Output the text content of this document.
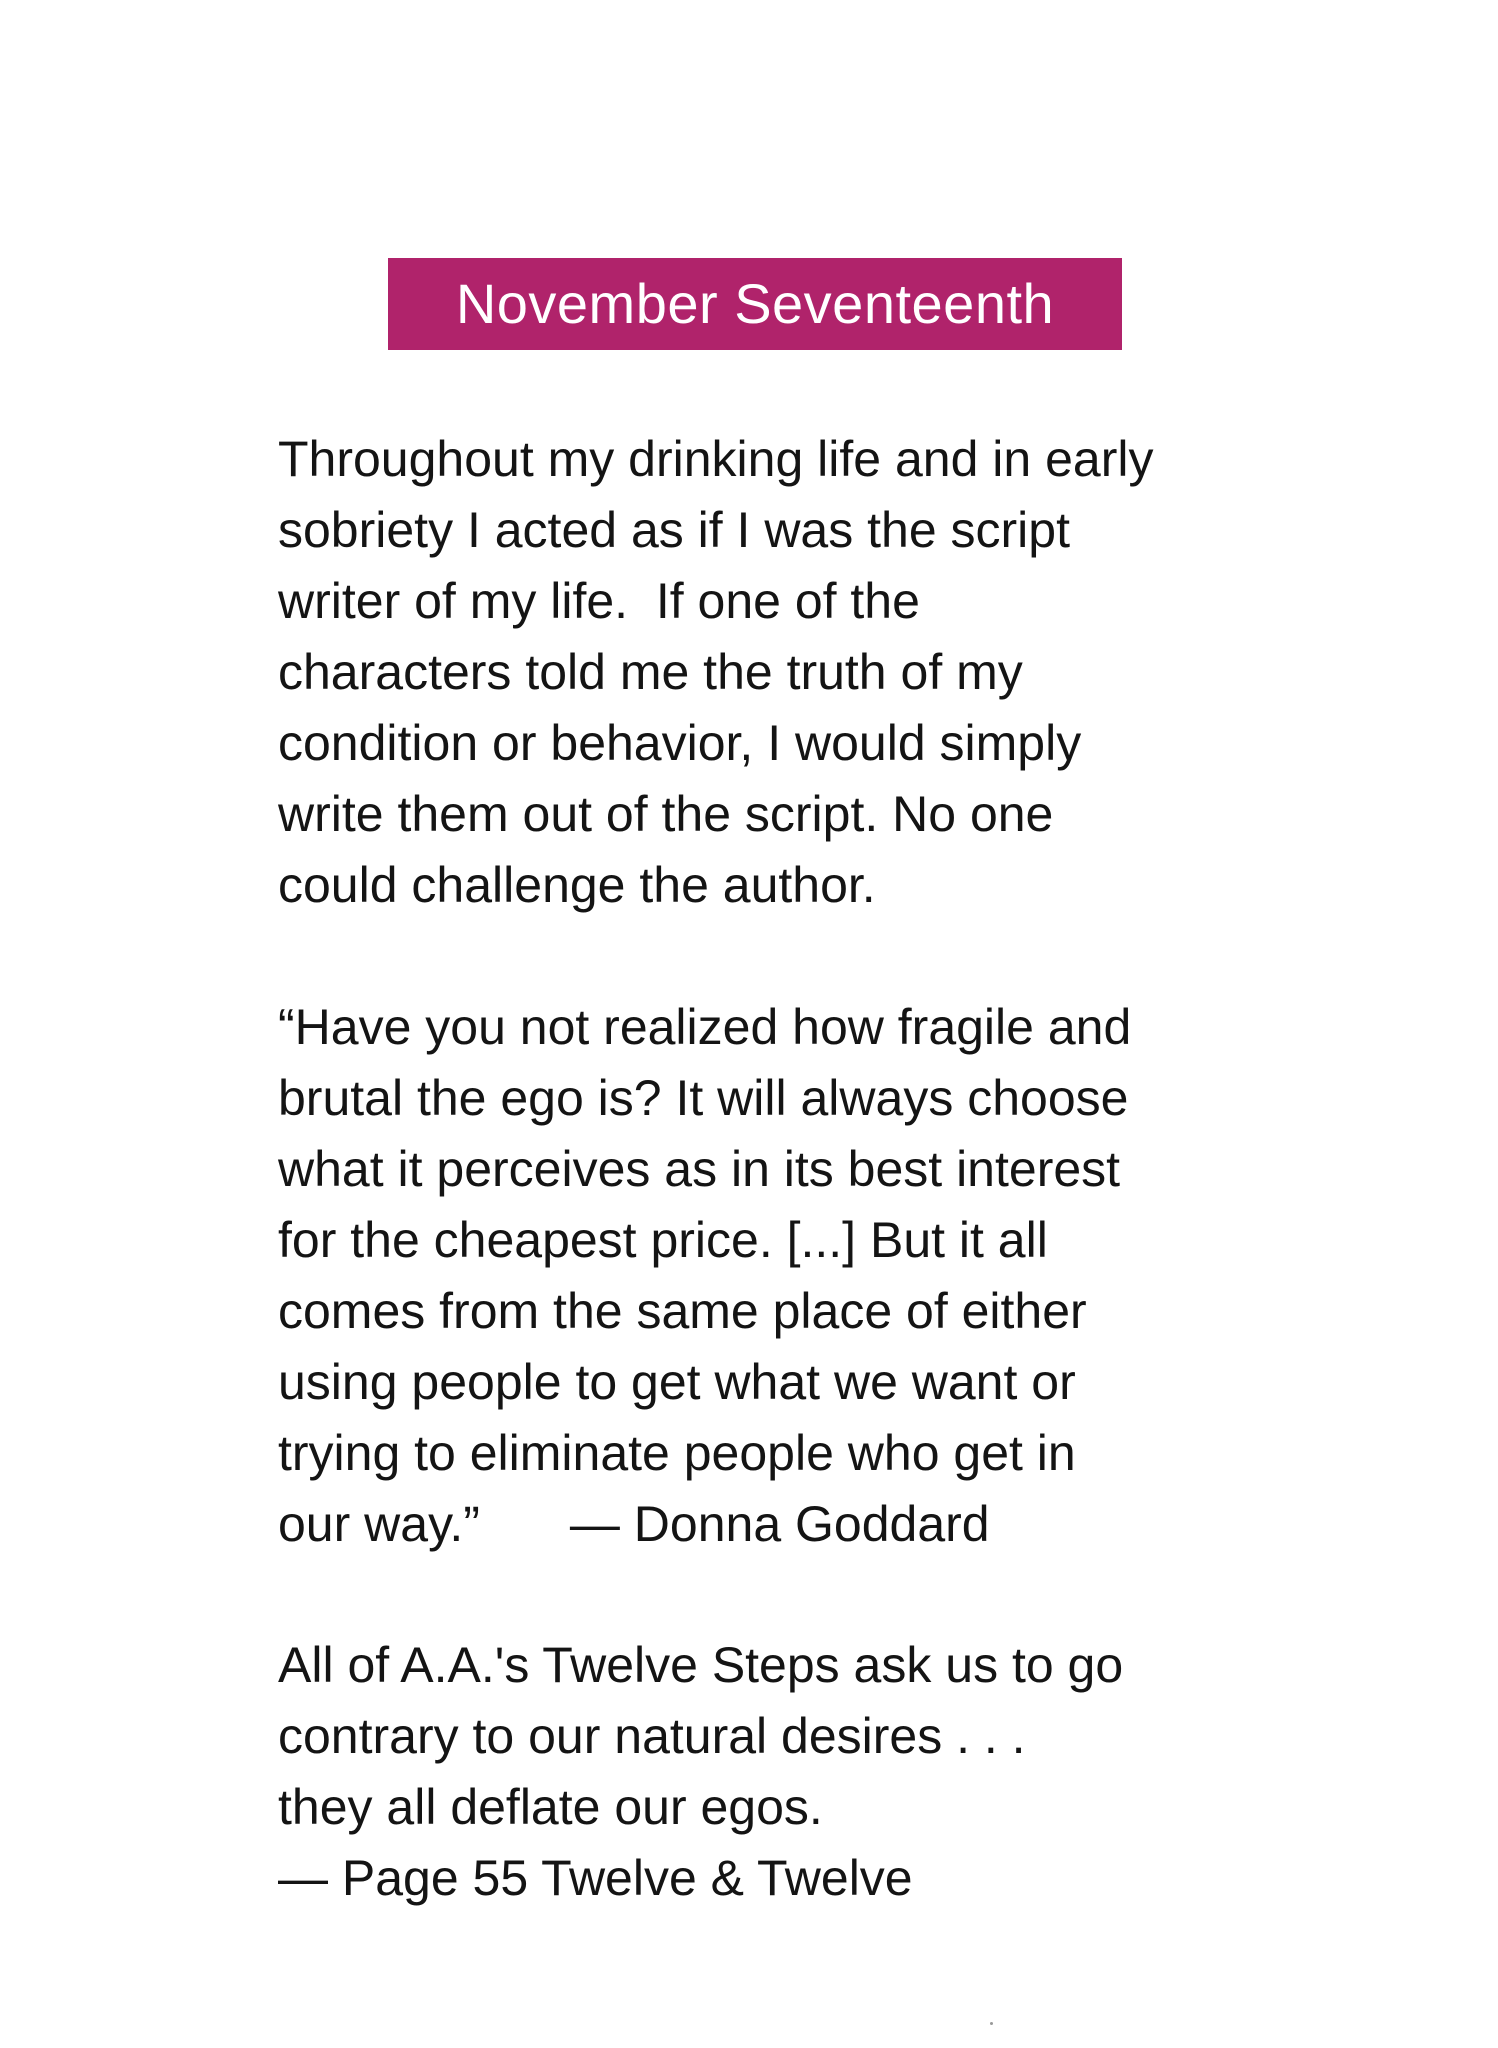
November Seventeenth
Throughout my drinking life and in early
sobriety I acted as if I was the script
writer of my life.  If one of the
characters told me the truth of my
condition or behavior, I would simply
write them out of the script. No one
could challenge the author.
“Have you not realized how fragile and
brutal the ego is? It will always choose
what it perceives as in its best interest
for the cheapest price. [...] But it all
comes from the same place of either
using people to get what we want or
trying to eliminate people who get in
our way.” — Donna Goddard
All of A.A.'s Twelve Steps ask us to go
contrary to our natural desires . . .
they all deflate our egos.
— Page 55 Twelve & Twelve
